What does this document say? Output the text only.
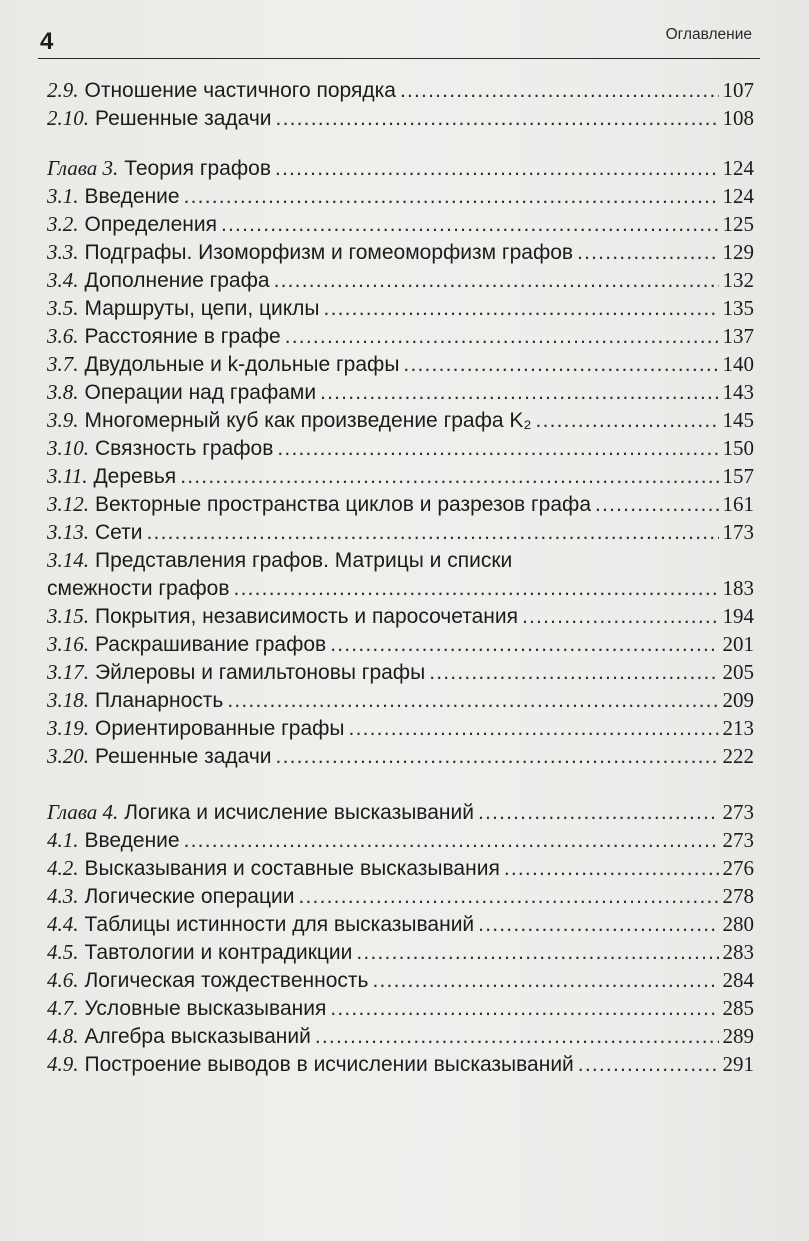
4	Оглавление
2.9. Отношение частичного порядка .....	107
2.10. Решенные задачи .....	108
Глава 3. Теория графов .....	124
3.1. Введение .....	124
3.2. Определения .....	125
3.3. Подграфы. Изоморфизм и гомеоморфизм графов .....	129
3.4. Дополнение графа .....	132
3.5. Маршруты, цепи, циклы .....	135
3.6. Расстояние в графе .....	137
3.7. Двудольные и k-дольные графы .....	140
3.8. Операции над графами .....	143
3.9. Многомерный куб как произведение графа K₂ .....	145
3.10. Связность графов .....	150
3.11. Деревья .....	157
3.12. Векторные пространства циклов и разрезов графа .....	161
3.13. Сети .....	173
3.14. Представления графов. Матрицы и списки
смежности графов .....	183
3.15. Покрытия, независимость и паросочетания .....	194
3.16. Раскрашивание графов .....	201
3.17. Эйлеровы и гамильтоновы графы .....	205
3.18. Планарность .....	209
3.19. Ориентированные графы .....	213
3.20. Решенные задачи .....	222
Глава 4. Логика и исчисление высказываний .....	273
4.1. Введение .....	273
4.2. Высказывания и составные высказывания .....	276
4.3. Логические операции .....	278
4.4. Таблицы истинности для высказываний .....	280
4.5. Тавтологии и контрадикции .....	283
4.6. Логическая тождественность .....	284
4.7. Условные высказывания .....	285
4.8. Алгебра высказываний .....	289
4.9. Построение выводов в исчислении высказываний .....	291
